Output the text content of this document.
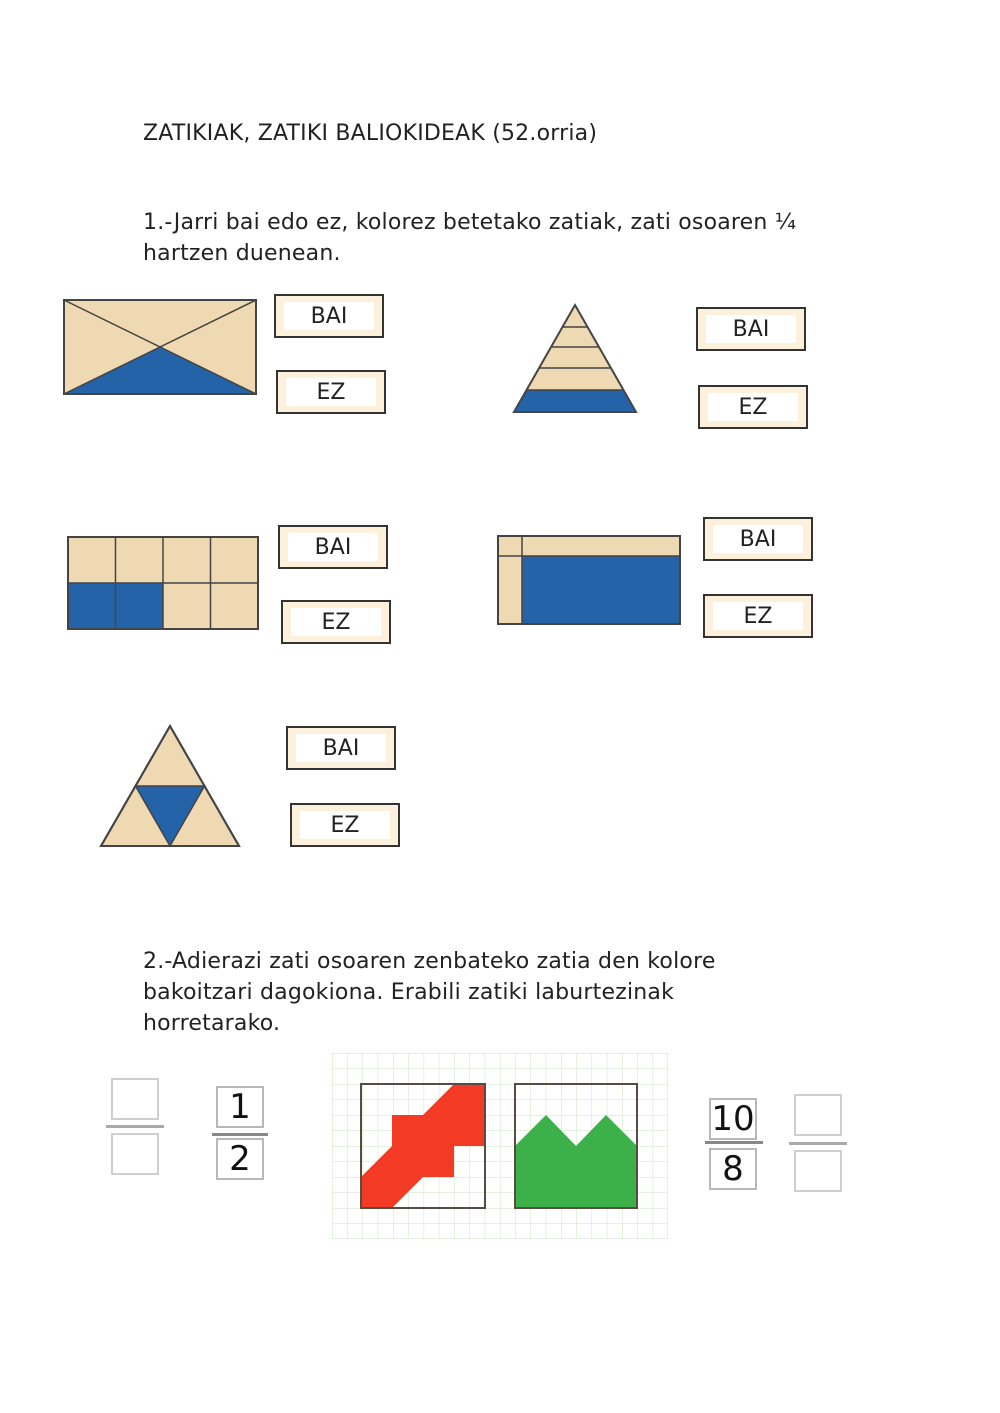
ZATIKIAK, ZATIKI BALIOKIDEAK (52.orria)
1.-Jarri bai edo ez, kolorez betetako zatiak, zati osoaren ¼
hartzen duenean.
BAI
EZ
BAI
EZ
BAI
EZ
BAI
EZ
BAI
EZ
2.-Adierazi zati osoaren zenbateko zatia den kolore
bakoitzari dagokiona. Erabili zatiki laburtezinak
horretarako.
1
2
10
8
